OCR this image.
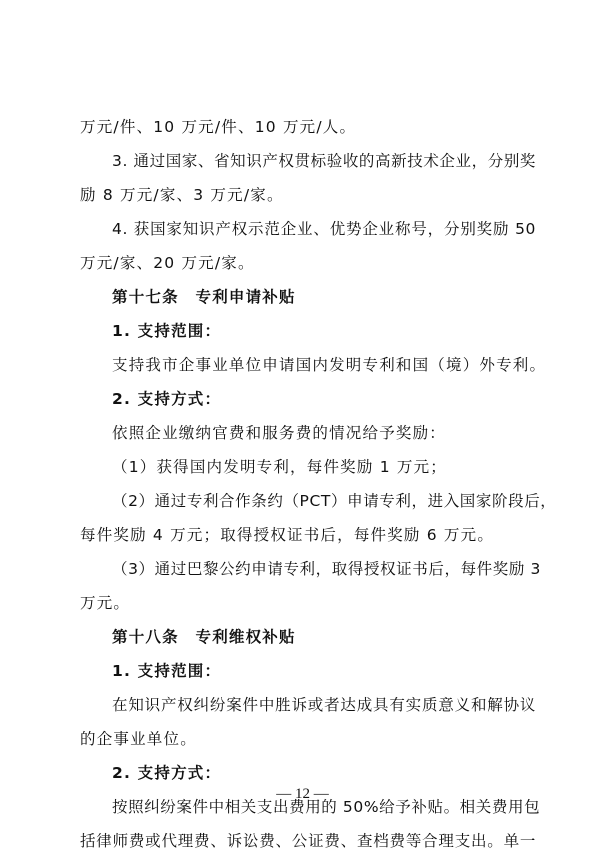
万元/件、10 万元/件、10 万元/人。
3. 通过国家、省知识产权贯标验收的高新技术企业，分别奖
励 8 万元/家、3 万元/家。
4. 获国家知识产权示范企业、优势企业称号，分别奖励 50
万元/家、20 万元/家。
第十七条　专利申请补贴
1. 支持范围：
支持我市企事业单位申请国内发明专利和国（境）外专利。
2. 支持方式：
依照企业缴纳官费和服务费的情况给予奖励：
（1）获得国内发明专利，每件奖励 1 万元；
（2）通过专利合作条约（PCT）申请专利，进入国家阶段后，
每件奖励 4 万元；取得授权证书后，每件奖励 6 万元。
（3）通过巴黎公约申请专利，取得授权证书后，每件奖励 3
万元。
第十八条　专利维权补贴
1. 支持范围：
在知识产权纠纷案件中胜诉或者达成具有实质意义和解协议
的企事业单位。
2. 支持方式：
按照纠纷案件中相关支出费用的 50%给予补贴。相关费用包
括律师费或代理费、诉讼费、公证费、查档费等合理支出。单一
— 12 —
